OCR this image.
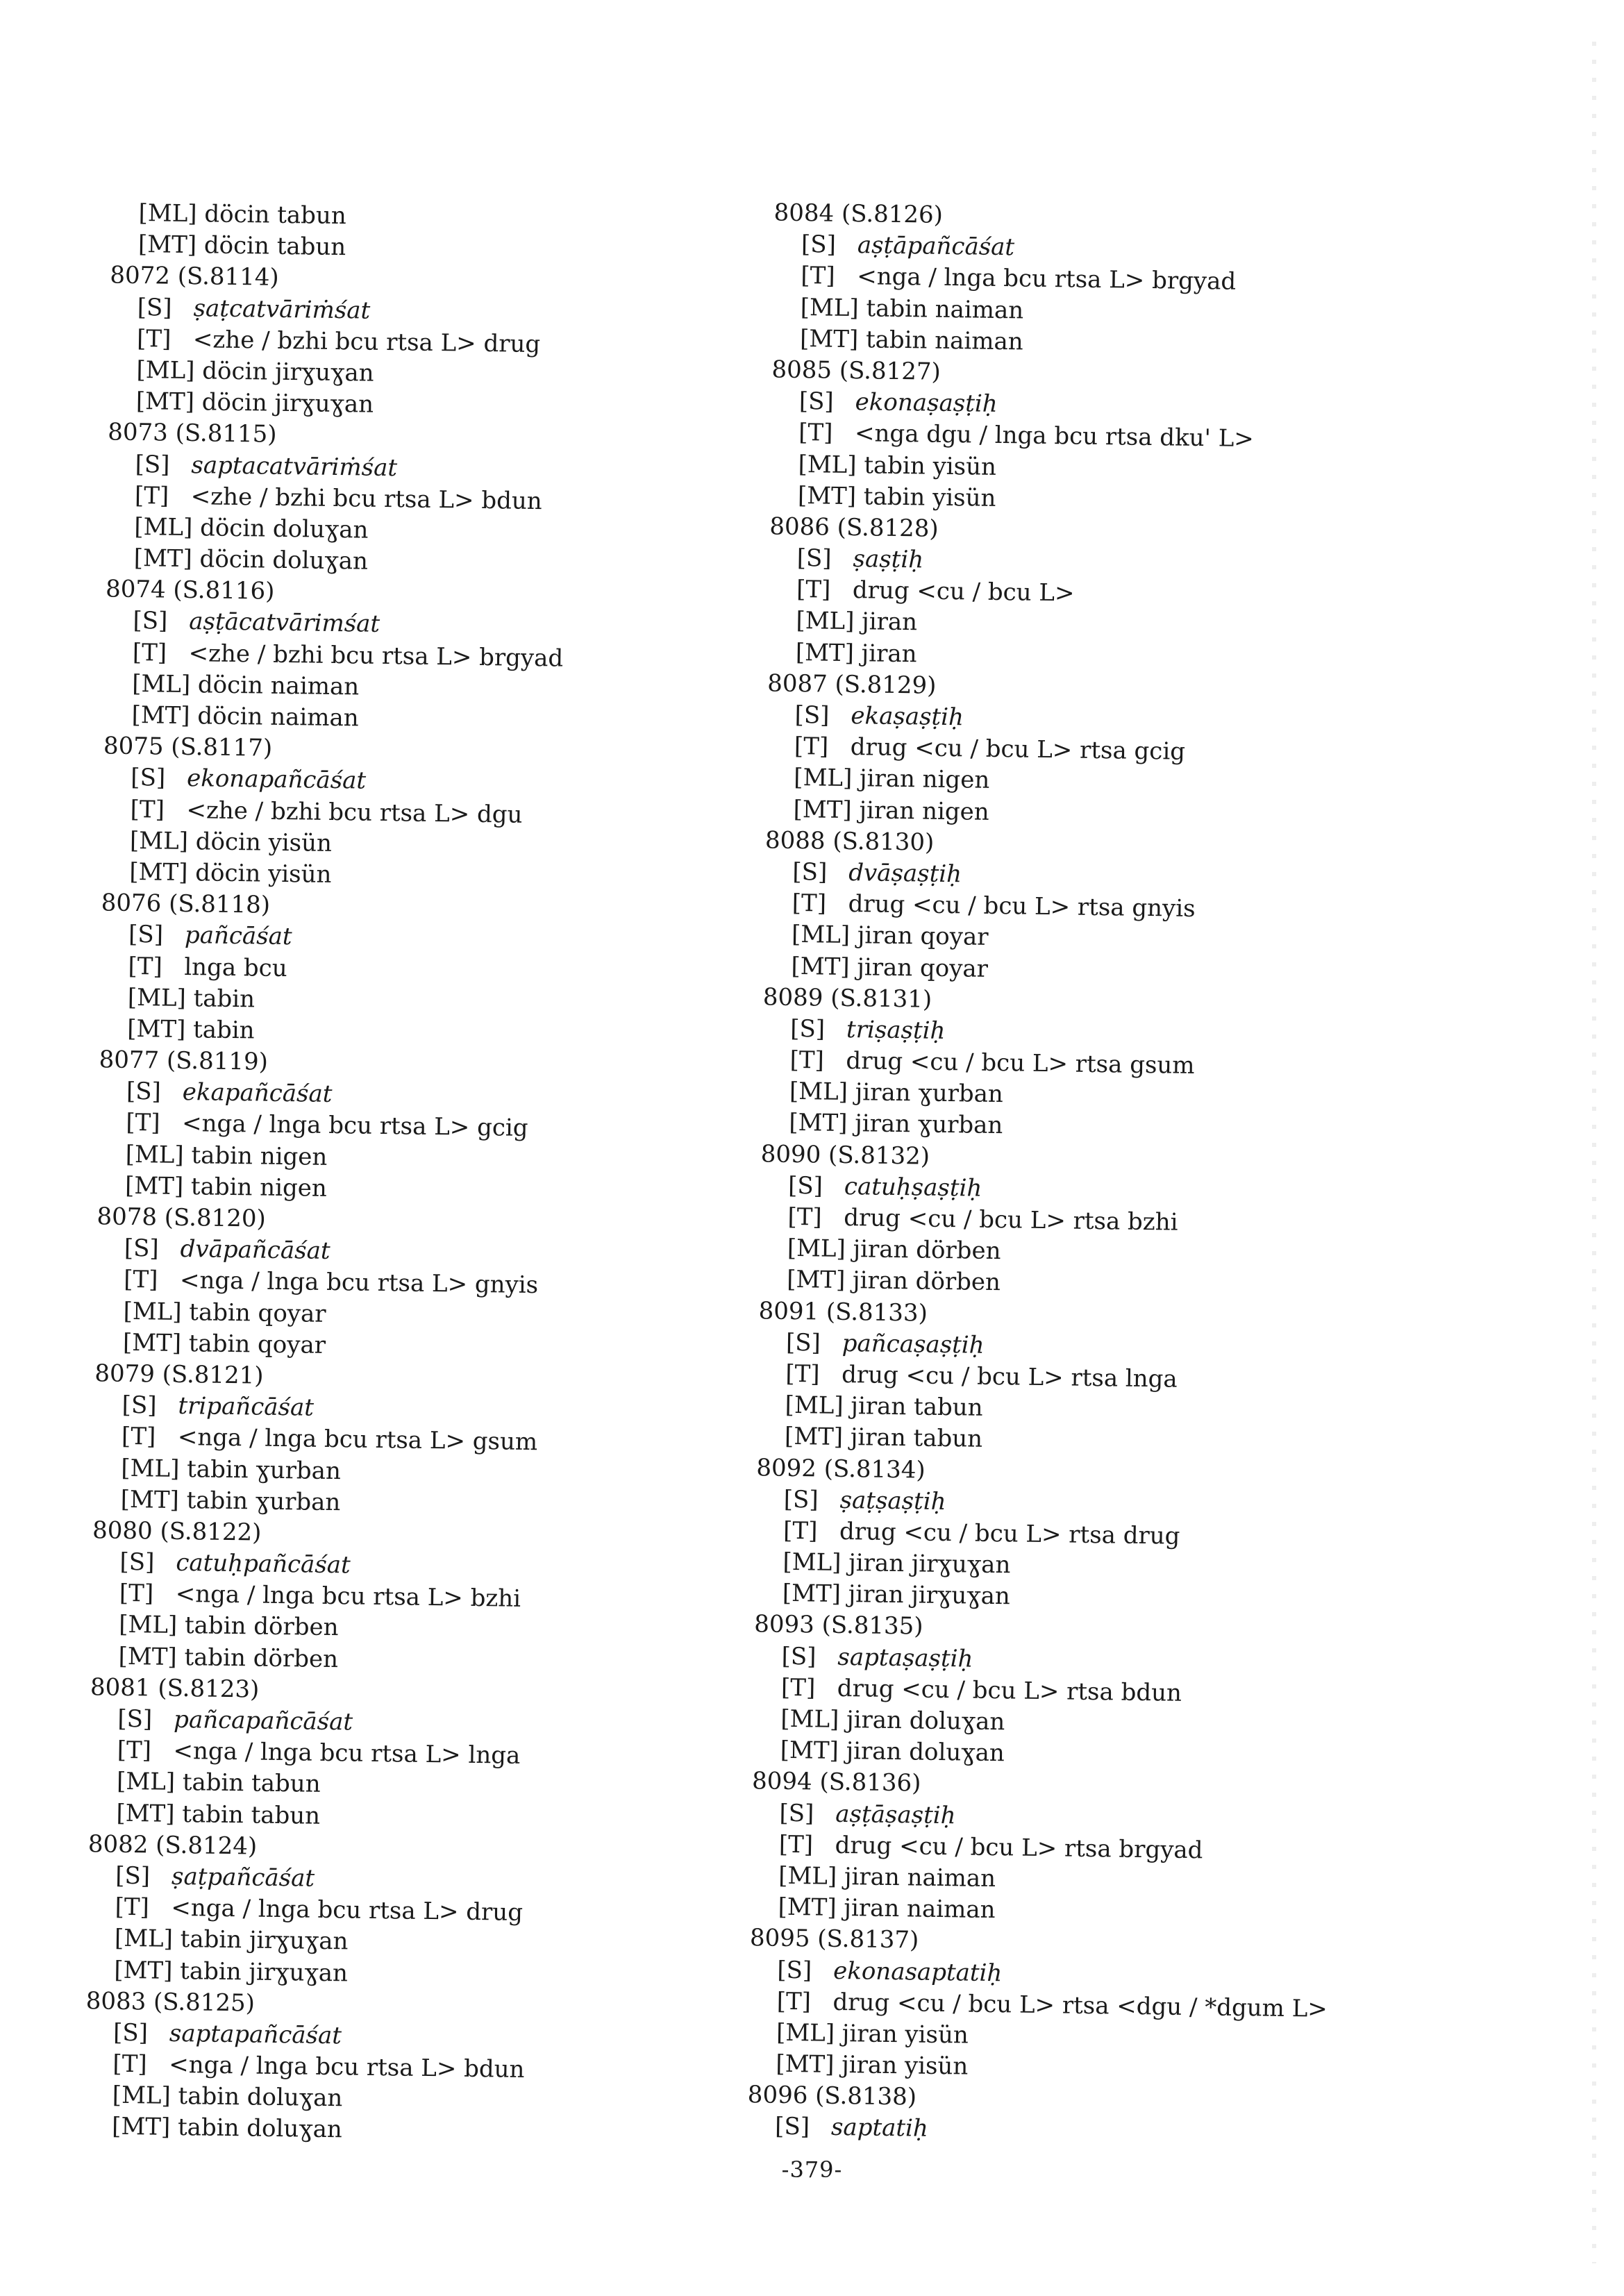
[ML] döcin tabun
[MT] döcin tabun
8072 (S.8114)
[S] ṣaṭcatvāriṁśat
[T] <zhe / bzhi bcu rtsa L> drug
[ML] döcin jirɣuɣan
[MT] döcin jirɣuɣan
8073 (S.8115)
[S] saptacatvāriṁśat
[T] <zhe / bzhi bcu rtsa L> bdun
[ML] döcin doluɣan
[MT] döcin doluɣan
8074 (S.8116)
[S] aṣṭācatvārimśat
[T] <zhe / bzhi bcu rtsa L> brgyad
[ML] döcin naiman
[MT] döcin naiman
8075 (S.8117)
[S] ekonapañcāśat
[T] <zhe / bzhi bcu rtsa L> dgu
[ML] döcin yisün
[MT] döcin yisün
8076 (S.8118)
[S] pañcāśat
[T] lnga bcu
[ML] tabin
[MT] tabin
8077 (S.8119)
[S] ekapañcāśat
[T] <nga / lnga bcu rtsa L> gcig
[ML] tabin nigen
[MT] tabin nigen
8078 (S.8120)
[S] dvāpañcāśat
[T] <nga / lnga bcu rtsa L> gnyis
[ML] tabin qoyar
[MT] tabin qoyar
8079 (S.8121)
[S] tripañcāśat
[T] <nga / lnga bcu rtsa L> gsum
[ML] tabin ɣurban
[MT] tabin ɣurban
8080 (S.8122)
[S] catuḥpañcāśat
[T] <nga / lnga bcu rtsa L> bzhi
[ML] tabin dörben
[MT] tabin dörben
8081 (S.8123)
[S] pañcapañcāśat
[T] <nga / lnga bcu rtsa L> lnga
[ML] tabin tabun
[MT] tabin tabun
8082 (S.8124)
[S] ṣaṭpañcāśat
[T] <nga / lnga bcu rtsa L> drug
[ML] tabin jirɣuɣan
[MT] tabin jirɣuɣan
8083 (S.8125)
[S] saptapañcāśat
[T] <nga / lnga bcu rtsa L> bdun
[ML] tabin doluɣan
[MT] tabin doluɣan
8084 (S.8126)
[S] aṣṭāpañcāśat
[T] <nga / lnga bcu rtsa L> brgyad
[ML] tabin naiman
[MT] tabin naiman
8085 (S.8127)
[S] ekonaṣaṣṭiḥ
[T] <nga dgu / lnga bcu rtsa dku' L>
[ML] tabin yisün
[MT] tabin yisün
8086 (S.8128)
[S] ṣaṣṭiḥ
[T] drug <cu / bcu L>
[ML] jiran
[MT] jiran
8087 (S.8129)
[S] ekaṣaṣṭiḥ
[T] drug <cu / bcu L> rtsa gcig
[ML] jiran nigen
[MT] jiran nigen
8088 (S.8130)
[S] dvāṣaṣṭiḥ
[T] drug <cu / bcu L> rtsa gnyis
[ML] jiran qoyar
[MT] jiran qoyar
8089 (S.8131)
[S] triṣaṣṭiḥ
[T] drug <cu / bcu L> rtsa gsum
[ML] jiran ɣurban
[MT] jiran ɣurban
8090 (S.8132)
[S] catuḥṣaṣṭiḥ
[T] drug <cu / bcu L> rtsa bzhi
[ML] jiran dörben
[MT] jiran dörben
8091 (S.8133)
[S] pañcaṣaṣṭiḥ
[T] drug <cu / bcu L> rtsa lnga
[ML] jiran tabun
[MT] jiran tabun
8092 (S.8134)
[S] ṣaṭṣaṣṭiḥ
[T] drug <cu / bcu L> rtsa drug
[ML] jiran jirɣuɣan
[MT] jiran jirɣuɣan
8093 (S.8135)
[S] saptaṣaṣṭiḥ
[T] drug <cu / bcu L> rtsa bdun
[ML] jiran doluɣan
[MT] jiran doluɣan
8094 (S.8136)
[S] aṣṭāṣaṣṭiḥ
[T] drug <cu / bcu L> rtsa brgyad
[ML] jiran naiman
[MT] jiran naiman
8095 (S.8137)
[S] ekonasaptatiḥ
[T] drug <cu / bcu L> rtsa <dgu / *dgum L>
[ML] jiran yisün
[MT] jiran yisün
8096 (S.8138)
[S] saptatiḥ
-379-
